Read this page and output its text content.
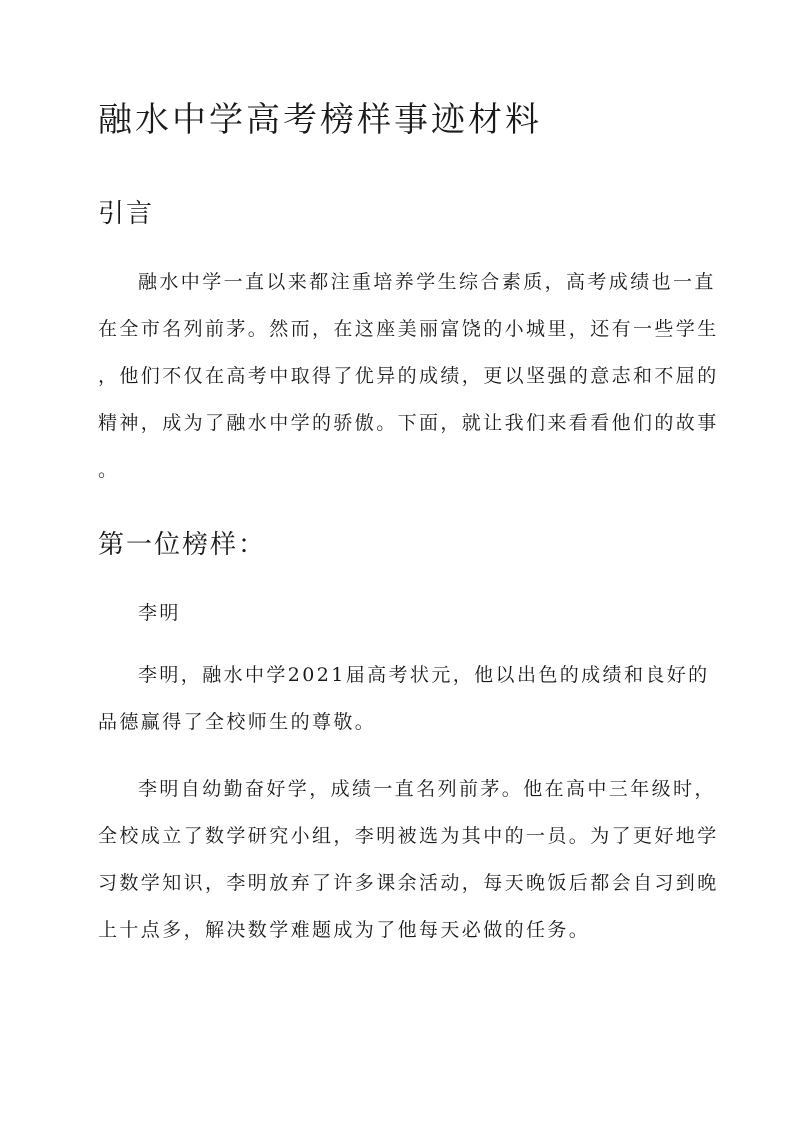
融水中学高考榜样事迹材料
引言
融水中学一直以来都注重培养学生综合素质，高考成绩也一直
在全市名列前茅。然而，在这座美丽富饶的小城里，还有一些学生
，他们不仅在高考中取得了优异的成绩，更以坚强的意志和不屈的
精神，成为了融水中学的骄傲。下面，就让我们来看看他们的故事
。
第一位榜样：
李明
李明，融水中学2021届高考状元，他以出色的成绩和良好的
品德赢得了全校师生的尊敬。
李明自幼勤奋好学，成绩一直名列前茅。他在高中三年级时，
全校成立了数学研究小组，李明被选为其中的一员。为了更好地学
习数学知识，李明放弃了许多课余活动，每天晚饭后都会自习到晚
上十点多，解决数学难题成为了他每天必做的任务。
